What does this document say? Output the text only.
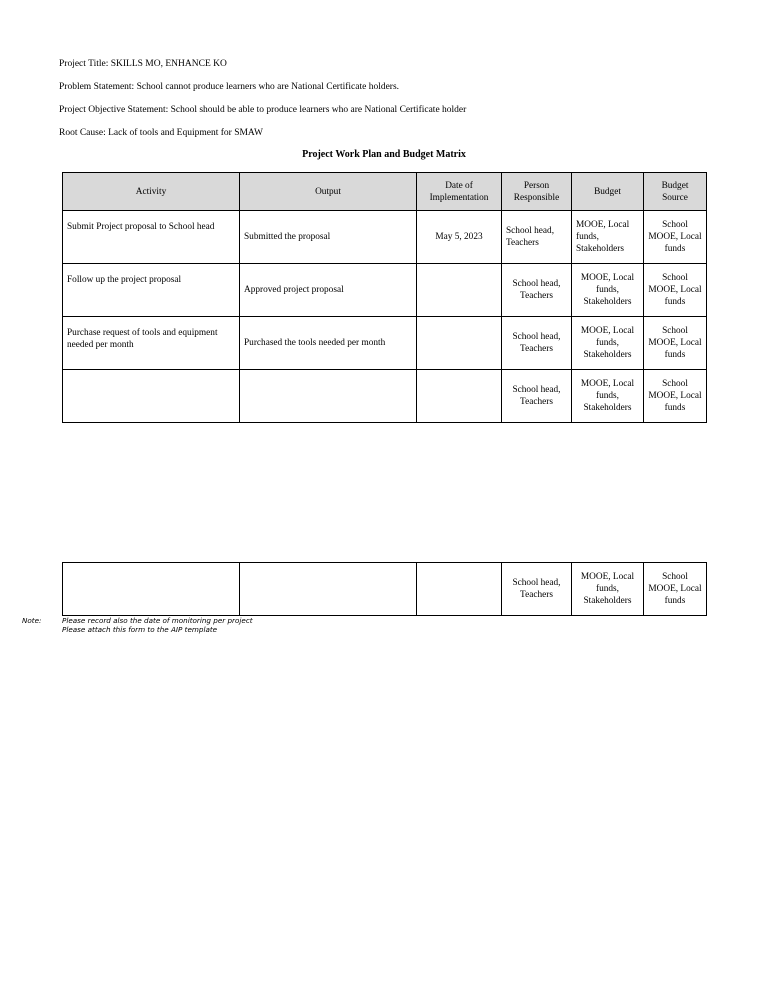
Project Title: SKILLS MO, ENHANCE KO
Problem Statement: School cannot produce learners who are National Certificate holders.
Project Objective Statement: School should be able to produce learners who are National Certificate holder
Root Cause: Lack of tools and Equipment for SMAW
Project Work Plan and Budget Matrix
Activity	Output	Date of Implementation	Person Responsible	Budget	Budget Source
Submit Project proposal to School head	Submitted the proposal	May 5, 2023	School head, Teachers	MOOE, Local funds, Stakeholders	School MOOE, Local funds
Follow up the project proposal	Approved project proposal		School head, Teachers	MOOE, Local funds, Stakeholders	School MOOE, Local funds
Purchase request of tools and equipment needed per month	Purchased the tools needed per month		School head, Teachers	MOOE, Local funds, Stakeholders	School MOOE, Local funds
			School head, Teachers	MOOE, Local funds, Stakeholders	School MOOE, Local funds
			School head, Teachers	MOOE, Local funds, Stakeholders	School MOOE, Local funds
Note:	Please record also the date of monitoring per project
Please attach this form to the AIP template
